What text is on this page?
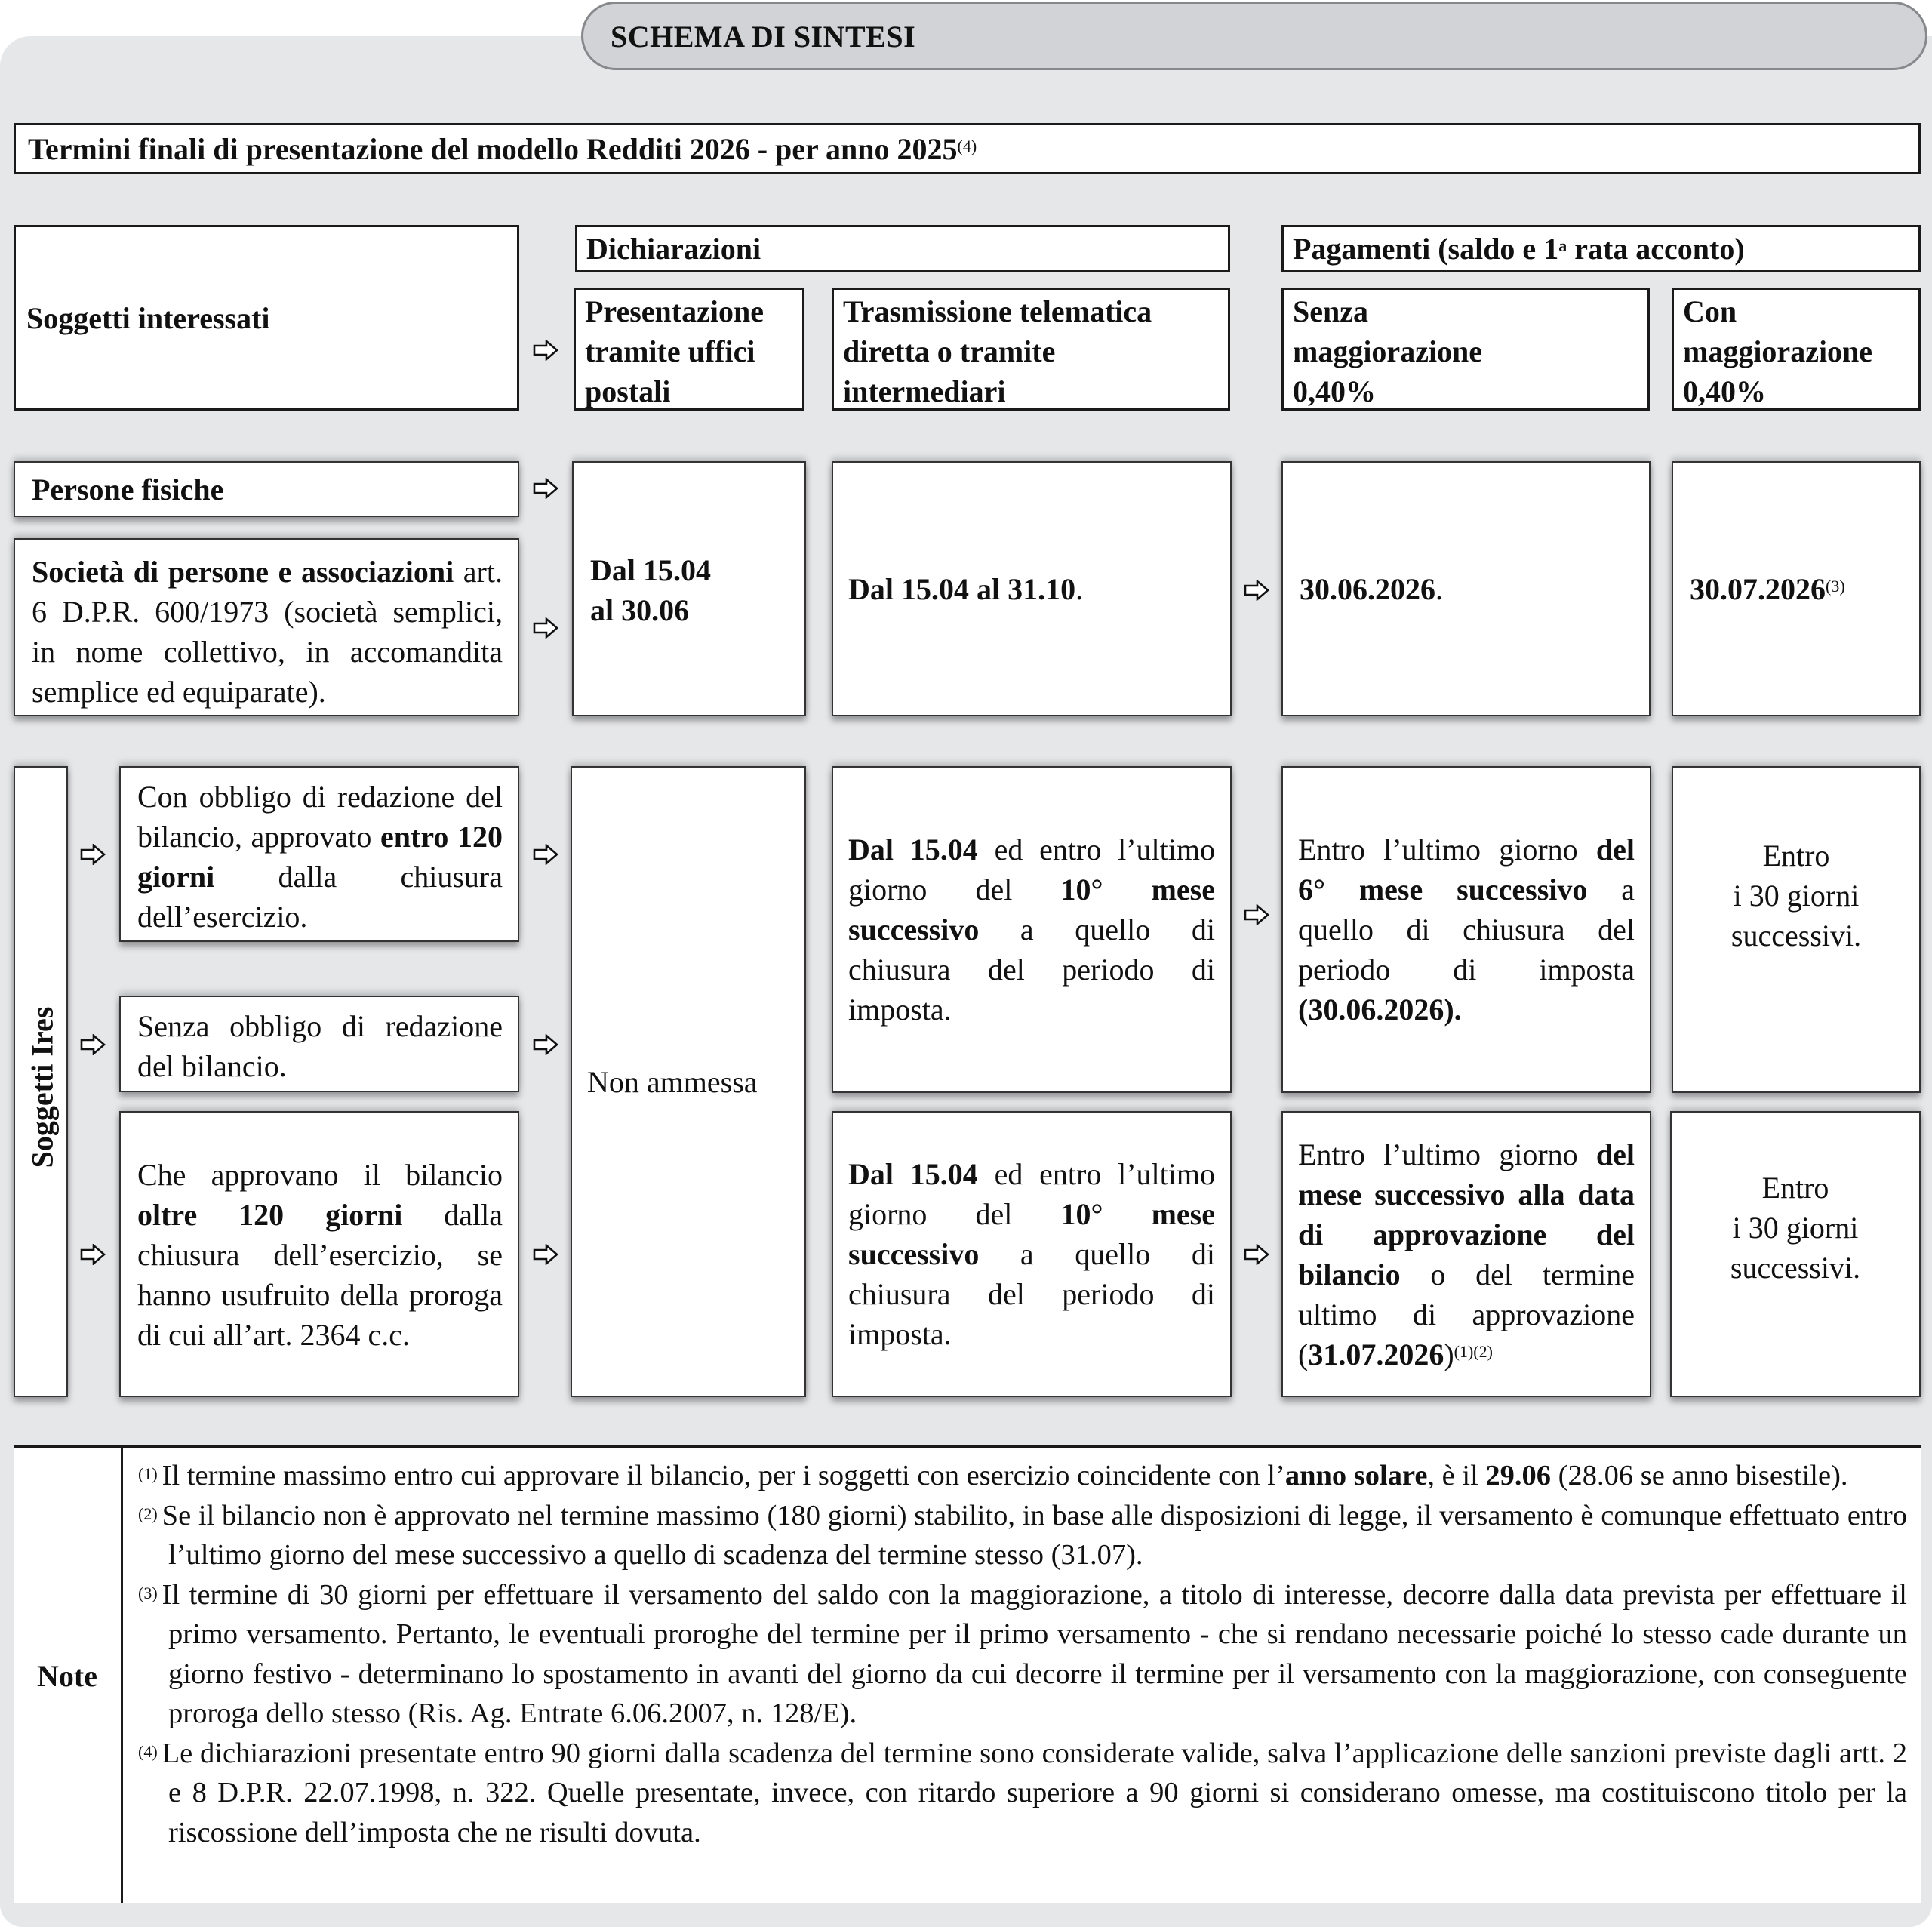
SCHEMA DI SINTESI
Termini finali di presentazione del modello Redditi 2026 - per anno 2025$^{(4)}$
Soggetti interessati
Dichiarazioni
Presentazione
tramite uffici
postali
Trasmissione telematica
diretta o tramite
intermediari
Pagamenti (saldo e 1$^a$ rata acconto)
Senza
maggiorazione
0,40%
Con
maggiorazione
0,40%
Persone fisiche
Società di persone e associazioni art. 6 D.P.R. 600/1973 (società semplici, in nome collettivo, in accomandita semplice ed equiparate).
Dal 15.04
al 30.06
Dal 15.04 al 31.10.	30.06.2026.	30.07.2026$^{(3)}$
Soggetti Ires
Con obbligo di redazione del bilancio, approvato entro 120 giorni dalla chiusura dell’esercizio.
Senza obbligo di redazione del bilancio.
Che approvano il bilancio oltre 120 giorni dalla chiusura dell’esercizio, se hanno usufruito della proroga di cui all’art. 2364 c.c.
Non ammessa
Dal 15.04 ed entro l’ultimo giorno del 10° mese successivo a quello di chiusura del periodo di imposta.
Entro l’ultimo giorno del 6° mese successivo a quello di chiusura del periodo di imposta (30.06.2026).
Entro
i 30 giorni
successivi.
Dal 15.04 ed entro l’ultimo giorno del 10° mese successivo a quello di chiusura del periodo di imposta.
Entro l’ultimo giorno del mese successivo alla data di approvazione del bilancio o del termine ultimo di approvazione $(31.07.2026)^{(1)(2)}$
Entro
i 30 giorni
successivi.
Note
$^{(1)}$ Il termine massimo entro cui approvare il bilancio, per i soggetti con esercizio coincidente con l’anno solare, è il 29.06 (28.06 se anno bisestile).
$^{(2)}$ Se il bilancio non è approvato nel termine massimo (180 giorni) stabilito, in base alle disposizioni di legge, il versamento è comunque effettuato entro l’ultimo giorno del mese successivo a quello di scadenza del termine stesso (31.07).
$^{(3)}$ Il termine di 30 giorni per effettuare il versamento del saldo con la maggiorazione, a titolo di interesse, decorre dalla data prevista per effettuare il primo versamento. Pertanto, le eventuali proroghe del termine per il primo versamento - che si rendano necessarie poiché lo stesso cade durante un giorno festivo - determinano lo spostamento in avanti del giorno da cui decorre il termine per il versamento con la maggiorazione, con conseguente proroga dello stesso (Ris. Ag. Entrate 6.06.2007, n. 128/E).
$^{(4)}$ Le dichiarazioni presentate entro 90 giorni dalla scadenza del termine sono considerate valide, salva l’applicazione delle sanzioni previste dagli artt. 2 e 8 D.P.R. 22.07.1998, n. 322. Quelle presentate, invece, con ritardo superiore a 90 giorni si considerano omesse, ma costituiscono titolo per la riscossione dell’imposta che ne risulti dovuta.
